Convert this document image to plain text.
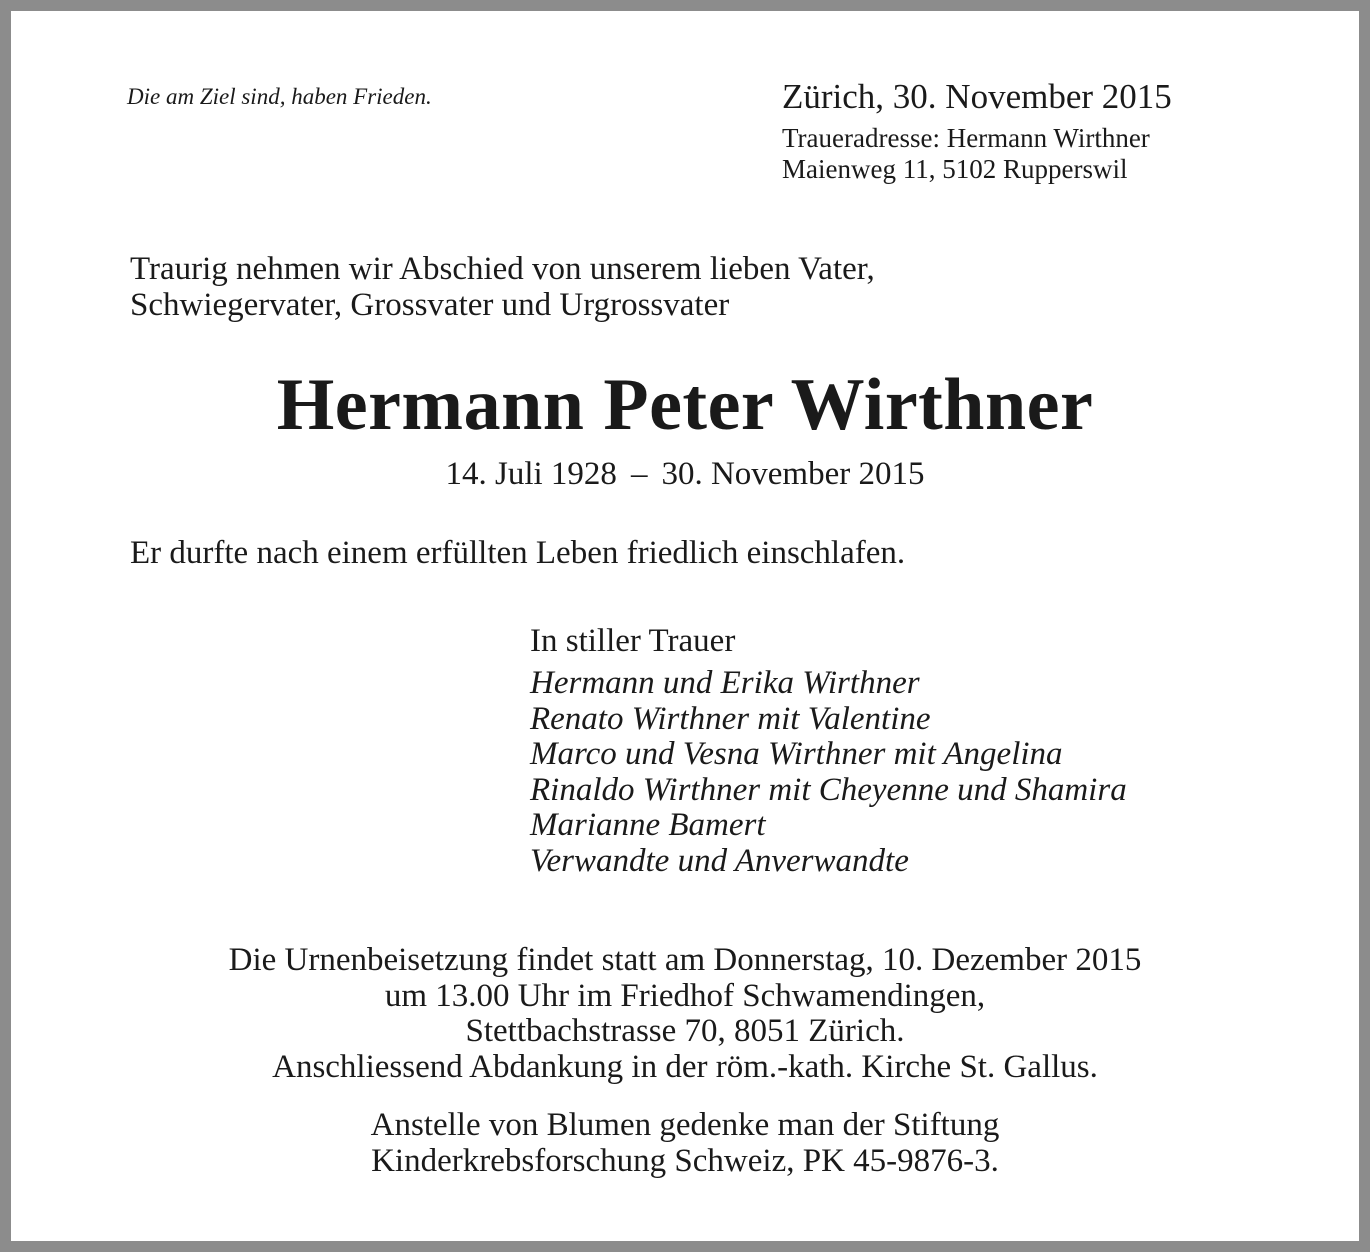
Die am Ziel sind, haben Frieden.	Zürich, 30. November 2015
Traueradresse: Hermann Wirthner
Maienweg 11, 5102 Rupperswil
Traurig nehmen wir Abschied von unserem lieben Vater,
Schwiegervater, Grossvater und Urgrossvater
Hermann Peter Wirthner
14. Juli 1928 – 30. November 2015
Er durfte nach einem erfüllten Leben friedlich einschlafen.
In stiller Trauer
Hermann und Erika Wirthner
Renato Wirthner mit Valentine
Marco und Vesna Wirthner mit Angelina
Rinaldo Wirthner mit Cheyenne und Shamira
Marianne Bamert
Verwandte und Anverwandte
Die Urnenbeisetzung findet statt am Donnerstag, 10. Dezember 2015
um 13.00 Uhr im Friedhof Schwamendingen,
Stettbachstrasse 70, 8051 Zürich.
Anschliessend Abdankung in der röm.-kath. Kirche St. Gallus.
Anstelle von Blumen gedenke man der Stiftung
Kinderkrebsforschung Schweiz, PK 45-9876-3.
